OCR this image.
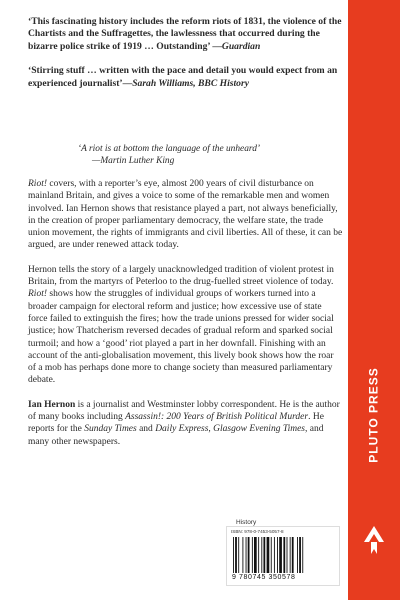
‘This fascinating history includes the reform riots of 1831, the violence of the Chartists and the Suffragettes, the lawlessness that occurred during the bizarre police strike of 1919 … Outstanding’ —Guardian

‘Stirring stuff … written with the pace and detail you would expect from an experienced journalist’—Sarah Williams, BBC History

‘A riot is at bottom the language of the unheard’
—Martin Luther King

Riot! covers, with a reporter’s eye, almost 200 years of civil disturbance on mainland Britain, and gives a voice to some of the remarkable men and women involved. Ian Hernon shows that resistance played a part, not always beneficially, in the creation of proper parliamentary democracy, the welfare state, the trade union movement, the rights of immigrants and civil liberties. All of these, it can be argued, are under renewed attack today.

Hernon tells the story of a largely unacknowledged tradition of violent protest in Britain, from the martyrs of Peterloo to the drug-fuelled street violence of today. Riot! shows how the struggles of individual groups of workers turned into a broader campaign for electoral reform and justice; how excessive use of state force failed to extinguish the fires; how the trade unions pressed for wider social justice; how Thatcherism reversed decades of gradual reform and sparked social turmoil; and how a ‘good’ riot played a part in her downfall. Finishing with an account of the anti-globalisation movement, this lively book shows how the roar of a mob has perhaps done more to change society than measured parliamentary debate.

Ian Hernon is a journalist and Westminster lobby correspondent. He is the author of many books including Assassin!: 200 Years of British Political Murder. He reports for the Sunday Times and Daily Express, Glasgow Evening Times, and many other newspapers.

History
ISBN: 978-0-7453-5057-8
9 780745 350578
PLUTO PRESS
